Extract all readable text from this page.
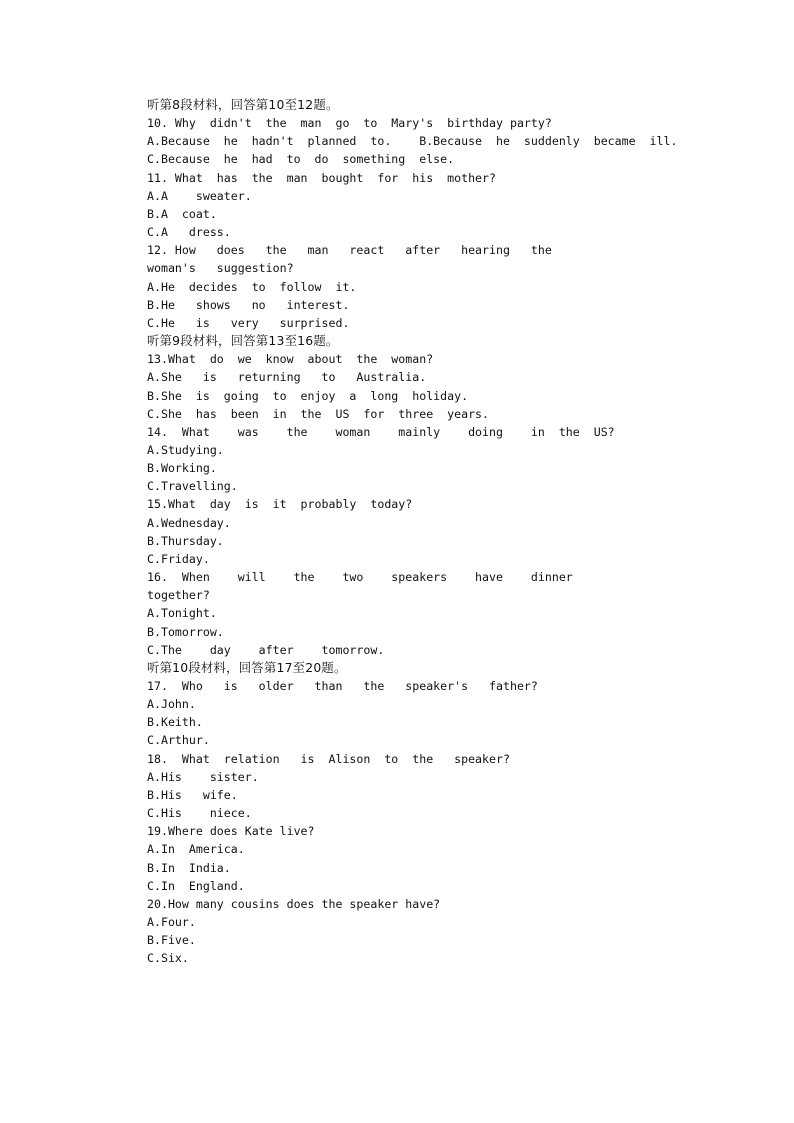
听第8段材料，回答第10至12题。
10. Why  didn't  the  man  go  to  Mary's  birthday party?
A.Because  he  hadn't  planned  to.    B.Because  he  suddenly  became  ill.
C.Because  he  had  to  do  something  else.
11. What  has  the  man  bought  for  his  mother?
A.A    sweater.
B.A  coat.
C.A   dress.
12. How   does   the   man   react   after   hearing   the
woman's   suggestion?
A.He  decides  to  follow  it.
B.He   shows   no   interest.
C.He   is   very   surprised.
听第9段材料，回答第13至16题。
13.What  do  we  know  about  the  woman?
A.She   is   returning   to   Australia.
B.She  is  going  to  enjoy  a  long  holiday.
C.She  has  been  in  the  US  for  three  years.
14.  What    was    the    woman    mainly    doing    in  the  US?
A.Studying.
B.Working.
C.Travelling.
15.What  day  is  it  probably  today?
A.Wednesday.
B.Thursday.
C.Friday.
16.  When    will    the    two    speakers    have    dinner
together?
A.Tonight.
B.Tomorrow.
C.The    day    after    tomorrow.
听第10段材料，回答第17至20题。
17.  Who   is   older   than   the   speaker's   father?
A.John.
B.Keith.
C.Arthur.
18.  What  relation   is  Alison  to  the   speaker?
A.His    sister.
B.His   wife.
C.His    niece.
19.Where does Kate live?
A.In  America.
B.In  India.
C.In  England.
20.How many cousins does the speaker have?
A.Four.
B.Five.
C.Six.
